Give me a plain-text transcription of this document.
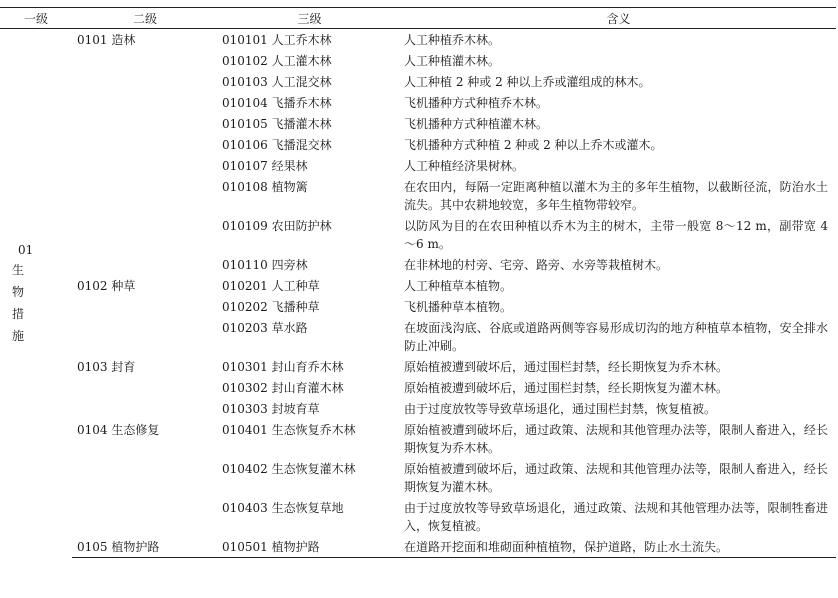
一级	二级	三级	含义

01
生
物
措
施	0101 造林	010101 人工乔木林	人工种植乔木林。
		010102 人工灌木林	人工种植灌木林。
		010103 人工混交林	人工种植 2 种或 2 种以上乔或灌组成的林木。
		010104 飞播乔木林	飞机播种方式种植乔木林。
		010105 飞播灌木林	飞机播种方式种植灌木林。
		010106 飞播混交林	飞机播种方式种植 2 种或 2 种以上乔木或灌木。
		010107 经果林	人工种植经济果树林。
		010108 植物篱	在农田内，每隔一定距离种植以灌木为主的多年生植物，以截断径流，防治水土流失。其中农耕地较宽，多年生植物带较窄。
		010109 农田防护林	以防风为目的在农田种植以乔木为主的树木，主带一般宽 8～12 m，副带宽 4～6 m。
		010110 四旁林	在非林地的村旁、宅旁、路旁、水旁等栽植树木。
	0102 种草	010201 人工种草	人工种植草本植物。
		010202 飞播种草	飞机播种草本植物。
		010203 草水路	在坡面浅沟底、谷底或道路两侧等容易形成切沟的地方种植草本植物，安全排水防止冲刷。
	0103 封育	010301 封山育乔木林	原始植被遭到破坏后，通过围栏封禁，经长期恢复为乔木林。
		010302 封山育灌木林	原始植被遭到破坏后，通过围栏封禁，经长期恢复为灌木林。
		010303 封坡育草	由于过度放牧等导致草场退化，通过围栏封禁，恢复植被。
	0104 生态修复	010401 生态恢复乔木林	原始植被遭到破坏后，通过政策、法规和其他管理办法等，限制人畜进入，经长期恢复为乔木林。
		010402 生态恢复灌木林	原始植被遭到破坏后，通过政策、法规和其他管理办法等，限制人畜进入，经长期恢复为灌木林。
		010403 生态恢复草地	由于过度放牧等导致草场退化，通过政策、法规和其他管理办法等，限制牲畜进入，恢复植被。
	0105 植物护路	010501 植物护路	在道路开挖面和堆砌面种植植物，保护道路，防止水土流失。
